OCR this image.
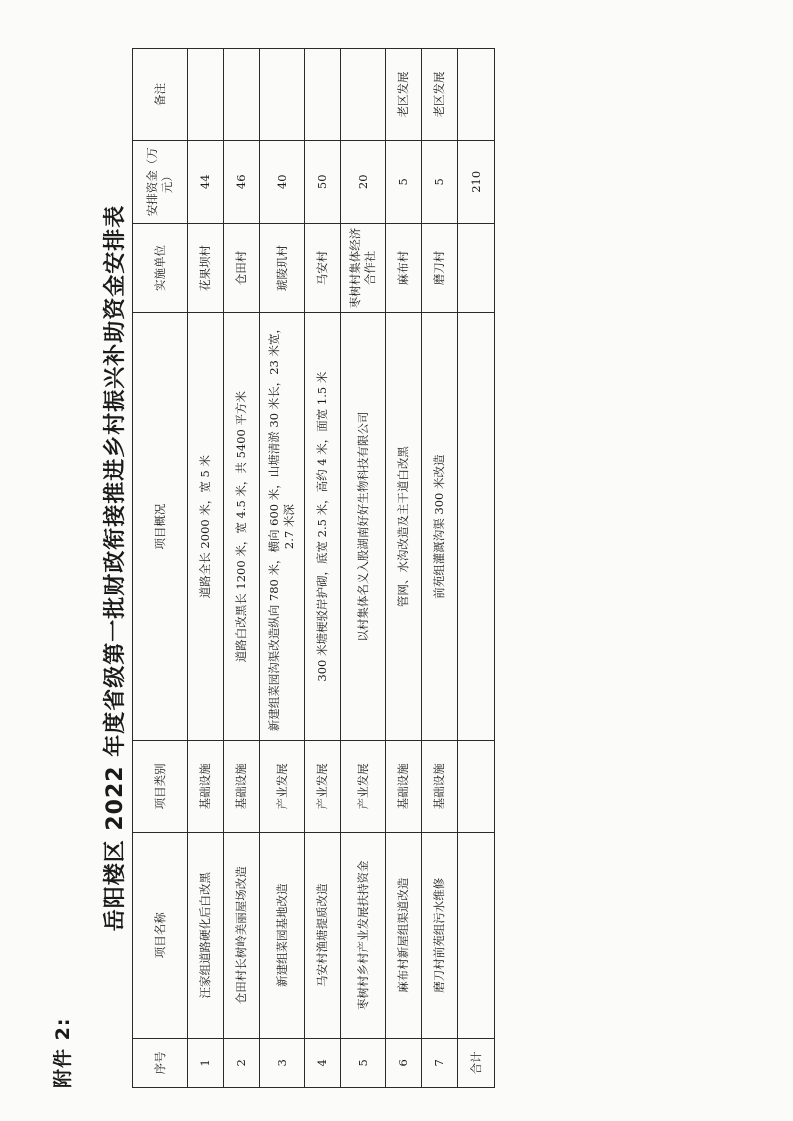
附件 2:
岳阳楼区 2022 年度省级第一批财政衔接推进乡村振兴补助资金安排表
序号	项目名称	项目类别	项目概况	实施单位	安排资金（万元）	备注
1	汪家组道路硬化后白改黑	基础设施	道路全长 2000 米，宽 5 米	花果坝村	44	
2	仓田村长树岭美丽屋场改造	基础设施	道路白改黑长 1200 米，宽 4.5 米，共 5400 平方米	仓田村	46	
3	新建组菜园基地改造	产业发展	新建组菜园沟渠改造纵向 780 米，横向 600 米，山塘清淤 30 米长，23 米宽，2.7 米深	琥陵玑村	40	
4	马安村渔塘提质改造	产业发展	300 米塘梗驳岸护砌，底宽 2.5 米，高约 4 米，面宽 1.5 米	马安村	50	
5	枣树村乡村产业发展扶持资金	产业发展	以村集体名义入股湖南好好生物科技有限公司	枣树村集体经济合作社	20	
6	麻布村新屋组渠道改造	基础设施	管网、水沟改造及主干道白改黑	麻布村	5	老区发展
7	磨刀村前苑组污水维修	基础设施	前苑组灌溉沟渠 300 米改造	磨刀村	5	老区发展
合计					210	
